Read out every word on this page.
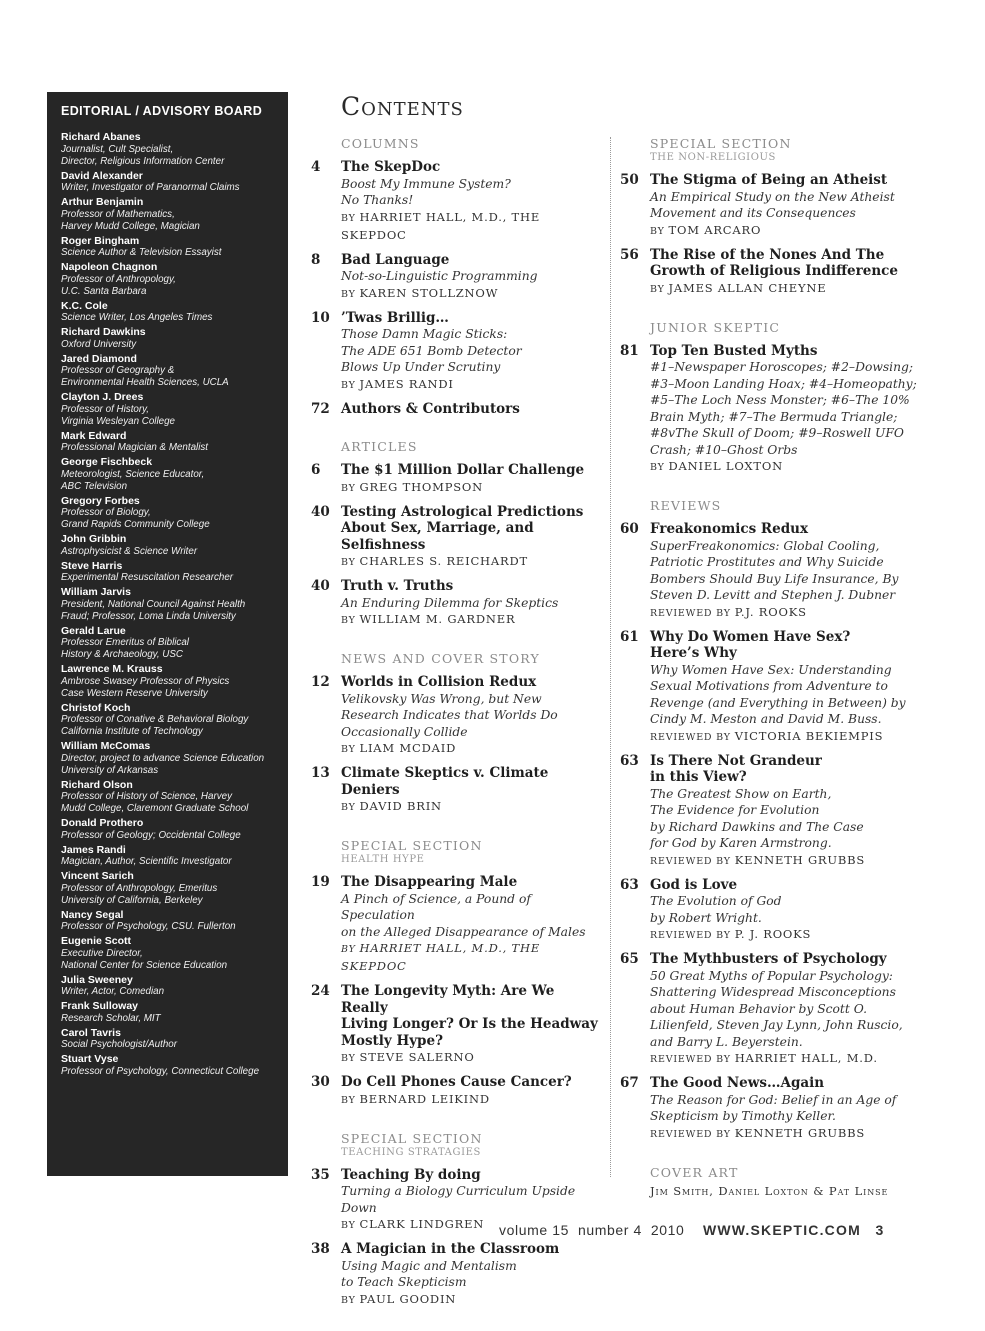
EDITORIAL / ADVISORY BOARD
Richard Abanes
Journalist, Cult Specialist,
Director, Religious Information Center
David Alexander
Writer, Investigator of Paranormal Claims
Arthur Benjamin
Professor of Mathematics,
Harvey Mudd College, Magician
Roger Bingham
Science Author & Television Essayist
Napoleon Chagnon
Professor of Anthropology,
U.C. Santa Barbara
K.C. Cole
Science Writer, Los Angeles Times
Richard Dawkins
Oxford University
Jared Diamond
Professor of Geography &
Environmental Health Sciences, UCLA
Clayton J. Drees
Professor of History,
Virginia Wesleyan College
Mark Edward
Professional Magician & Mentalist
George Fischbeck
Meteorologist, Science Educator,
ABC Television
Gregory Forbes
Professor of Biology,
Grand Rapids Community College
John Gribbin
Astrophysicist & Science Writer
Steve Harris
Experimental Resuscitation Researcher
William Jarvis
President, National Council Against Health
Fraud; Professor, Loma Linda University
Gerald Larue
Professor Emeritus of Biblical
History & Archaeology, USC
Lawrence M. Krauss
Ambrose Swasey Professor of Physics
Case Western Reserve University
Christof Koch
Professor of Conative & Behavioral Biology
California Institute of Technology
William McComas
Director, project to advance Science Education
University of Arkansas
Richard Olson
Professor of History of Science, Harvey
Mudd College, Claremont Graduate School
Donald Prothero
Professor of Geology; Occidental College
James Randi
Magician, Author, Scientific Investigator
Vincent Sarich
Professor of Anthropology, Emeritus
University of California, Berkeley
Nancy Segal
Professor of Psychology, CSU. Fullerton
Eugenie Scott
Executive Director,
National Center for Science Education
Julia Sweeney
Writer, Actor, Comedian
Frank Sulloway
Research Scholar, MIT
Carol Tavris
Social Psychologist/Author
Stuart Vyse
Professor of Psychology, Connecticut College
Contents
COLUMNS
4	The SkepDoc
Boost My Immune System?
No Thanks!
BY HARRIET HALL, M.D., THE SKEPDOC
8	Bad Language
Not-so-Linguistic Programming
BY KAREN STOLLZNOW
10 ’Twas Brillig…
Those Damn Magic Sticks:
The ADE 651 Bomb Detector
Blows Up Under Scrutiny
BY JAMES RANDI
72 Authors & Contributors
ARTICLES
6	The $1 Million Dollar Challenge
BY GREG THOMPSON
40 Testing Astrological Predictions
About Sex, Marriage, and Selfishness
BY CHARLES S. REICHARDT
40 Truth v. Truths
An Enduring Dilemma for Skeptics
BY WILLIAM M. GARDNER
NEWS AND COVER STORY
12 Worlds in Collision Redux
Velikovsky Was Wrong, but New
Research Indicates that Worlds Do
Occasionally Collide
BY LIAM MCDAID
13 Climate Skeptics v. Climate Deniers
BY DAVID BRIN
SPECIAL SECTION
HEALTH HYPE
19 The Disappearing Male
A Pinch of Science, a Pound of Speculation
on the Alleged Disappearance of Males
BY HARRIET HALL, M.D., THE SKEPDOC
24 The Longevity Myth: Are We Really
Living Longer? Or Is the Headway
Mostly Hype?
BY STEVE SALERNO
30 Do Cell Phones Cause Cancer?
BY BERNARD LEIKIND
SPECIAL SECTION
TEACHING STRATAGIES
35 Teaching By doing
Turning a Biology Curriculum Upside Down
BY CLARK LINDGREN
38 A Magician in the Classroom
Using Magic and Mentalism
to Teach Skepticism
BY PAUL GOODIN
SPECIAL SECTION
THE NON-RELIGIOUS
50 The Stigma of Being an Atheist
An Empirical Study on the New Atheist
Movement and its Consequences
BY TOM ARCARO
56 The Rise of the Nones And The
Growth of Religious Indifference
BY JAMES ALLAN CHEYNE
JUNIOR SKEPTIC
81 Top Ten Busted Myths
#1–Newspaper Horoscopes; #2–Dowsing;
#3–Moon Landing Hoax; #4–Homeopathy;
#5–The Loch Ness Monster; #6–The 10%
Brain Myth; #7–The Bermuda Triangle;
#8vThe Skull of Doom; #9–Roswell UFO
Crash; #10–Ghost Orbs
BY DANIEL LOXTON
REVIEWS
60 Freakonomics Redux
SuperFreakonomics: Global Cooling,
Patriotic Prostitutes and Why Suicide
Bombers Should Buy Life Insurance, By
Steven D. Levitt and Stephen J. Dubner
REVIEWED BY P.J. ROOKS
61 Why Do Women Have Sex?
Here’s Why
Why Women Have Sex: Understanding
Sexual Motivations from Adventure to
Revenge (and Everything in Between) by
Cindy M. Meston and David M. Buss.
REVIEWED BY VICTORIA BEKIEMPIS
63 Is There Not Grandeur
in this View?
The Greatest Show on Earth,
The Evidence for Evolution
by Richard Dawkins and The Case
for God by Karen Armstrong.
REVIEWED BY KENNETH GRUBBS
63 God is Love
The Evolution of God
by Robert Wright.
REVIEWED BY P. J. ROOKS
65 The Mythbusters of Psychology
50 Great Myths of Popular Psychology:
Shattering Widespread Misconceptions
about Human Behavior by Scott O.
Lilienfeld, Steven Jay Lynn, John Ruscio,
and Barry L. Beyerstein.
REVIEWED BY HARRIET HALL, M.D.
67 The Good News…Again
The Reason for God: Belief in an Age of
Skepticism by Timothy Keller.
REVIEWED BY KENNETH GRUBBS
COVER ART
Jim Smith, Daniel Loxton & Pat Linse
volume 15  number 4  2010 WWW.SKEPTIC.COM 3
